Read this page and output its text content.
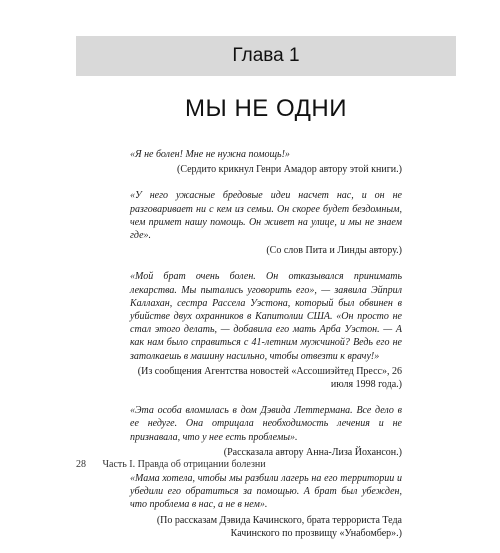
Глава 1
МЫ НЕ ОДНИ

«Я не болен! Мне не нужна помощь!»

(Сердито крикнул Генри Амадор автору этой книги.)

«У него ужасные бредовые идеи насчет нас, и он не разговаривает ни с кем из семьи. Он скорее будет бездомным, чем примет нашу помощь. Он живет на улице, и мы не знаем где».

(Со слов Пита и Линды автору.)

«Мой брат очень болен. Он отказывался принимать лекарства. Мы пытались уговорить его», — заявила Эйприл Каллахан, сестра Рассела Уэстона, который был обвинен в убийстве двух охранников в Капитолии США. «Он просто не стал этого делать, — добавила его мать Арба Уэстон. — А как нам было справиться с 41-летним мужчиной? Ведь его не затолкаешь в машину насильно, чтобы отвезти к врачу!»

(Из сообщения Агентства новостей «Ассошиэйтед Пресс», 26 июля 1998 года.)

«Эта особа вломилась в дом Дэвида Леттермана. Все дело в ее недуге. Она отрицала необходимость лечения и не признавала, что у нее есть проблемы».

(Рассказала автору Анна-Лиза Йохансон.)

«Мама хотела, чтобы мы разбили лагерь на его территории и убедили его обратиться за помощью. А брат был убежден, что проблема в нас, а не в нем».

(По рассказам Дэвида Качинского, брата террориста Теда Качинского по прозвищу «Унабомбер».)

28 Часть I. Правда об отрицании болезни
